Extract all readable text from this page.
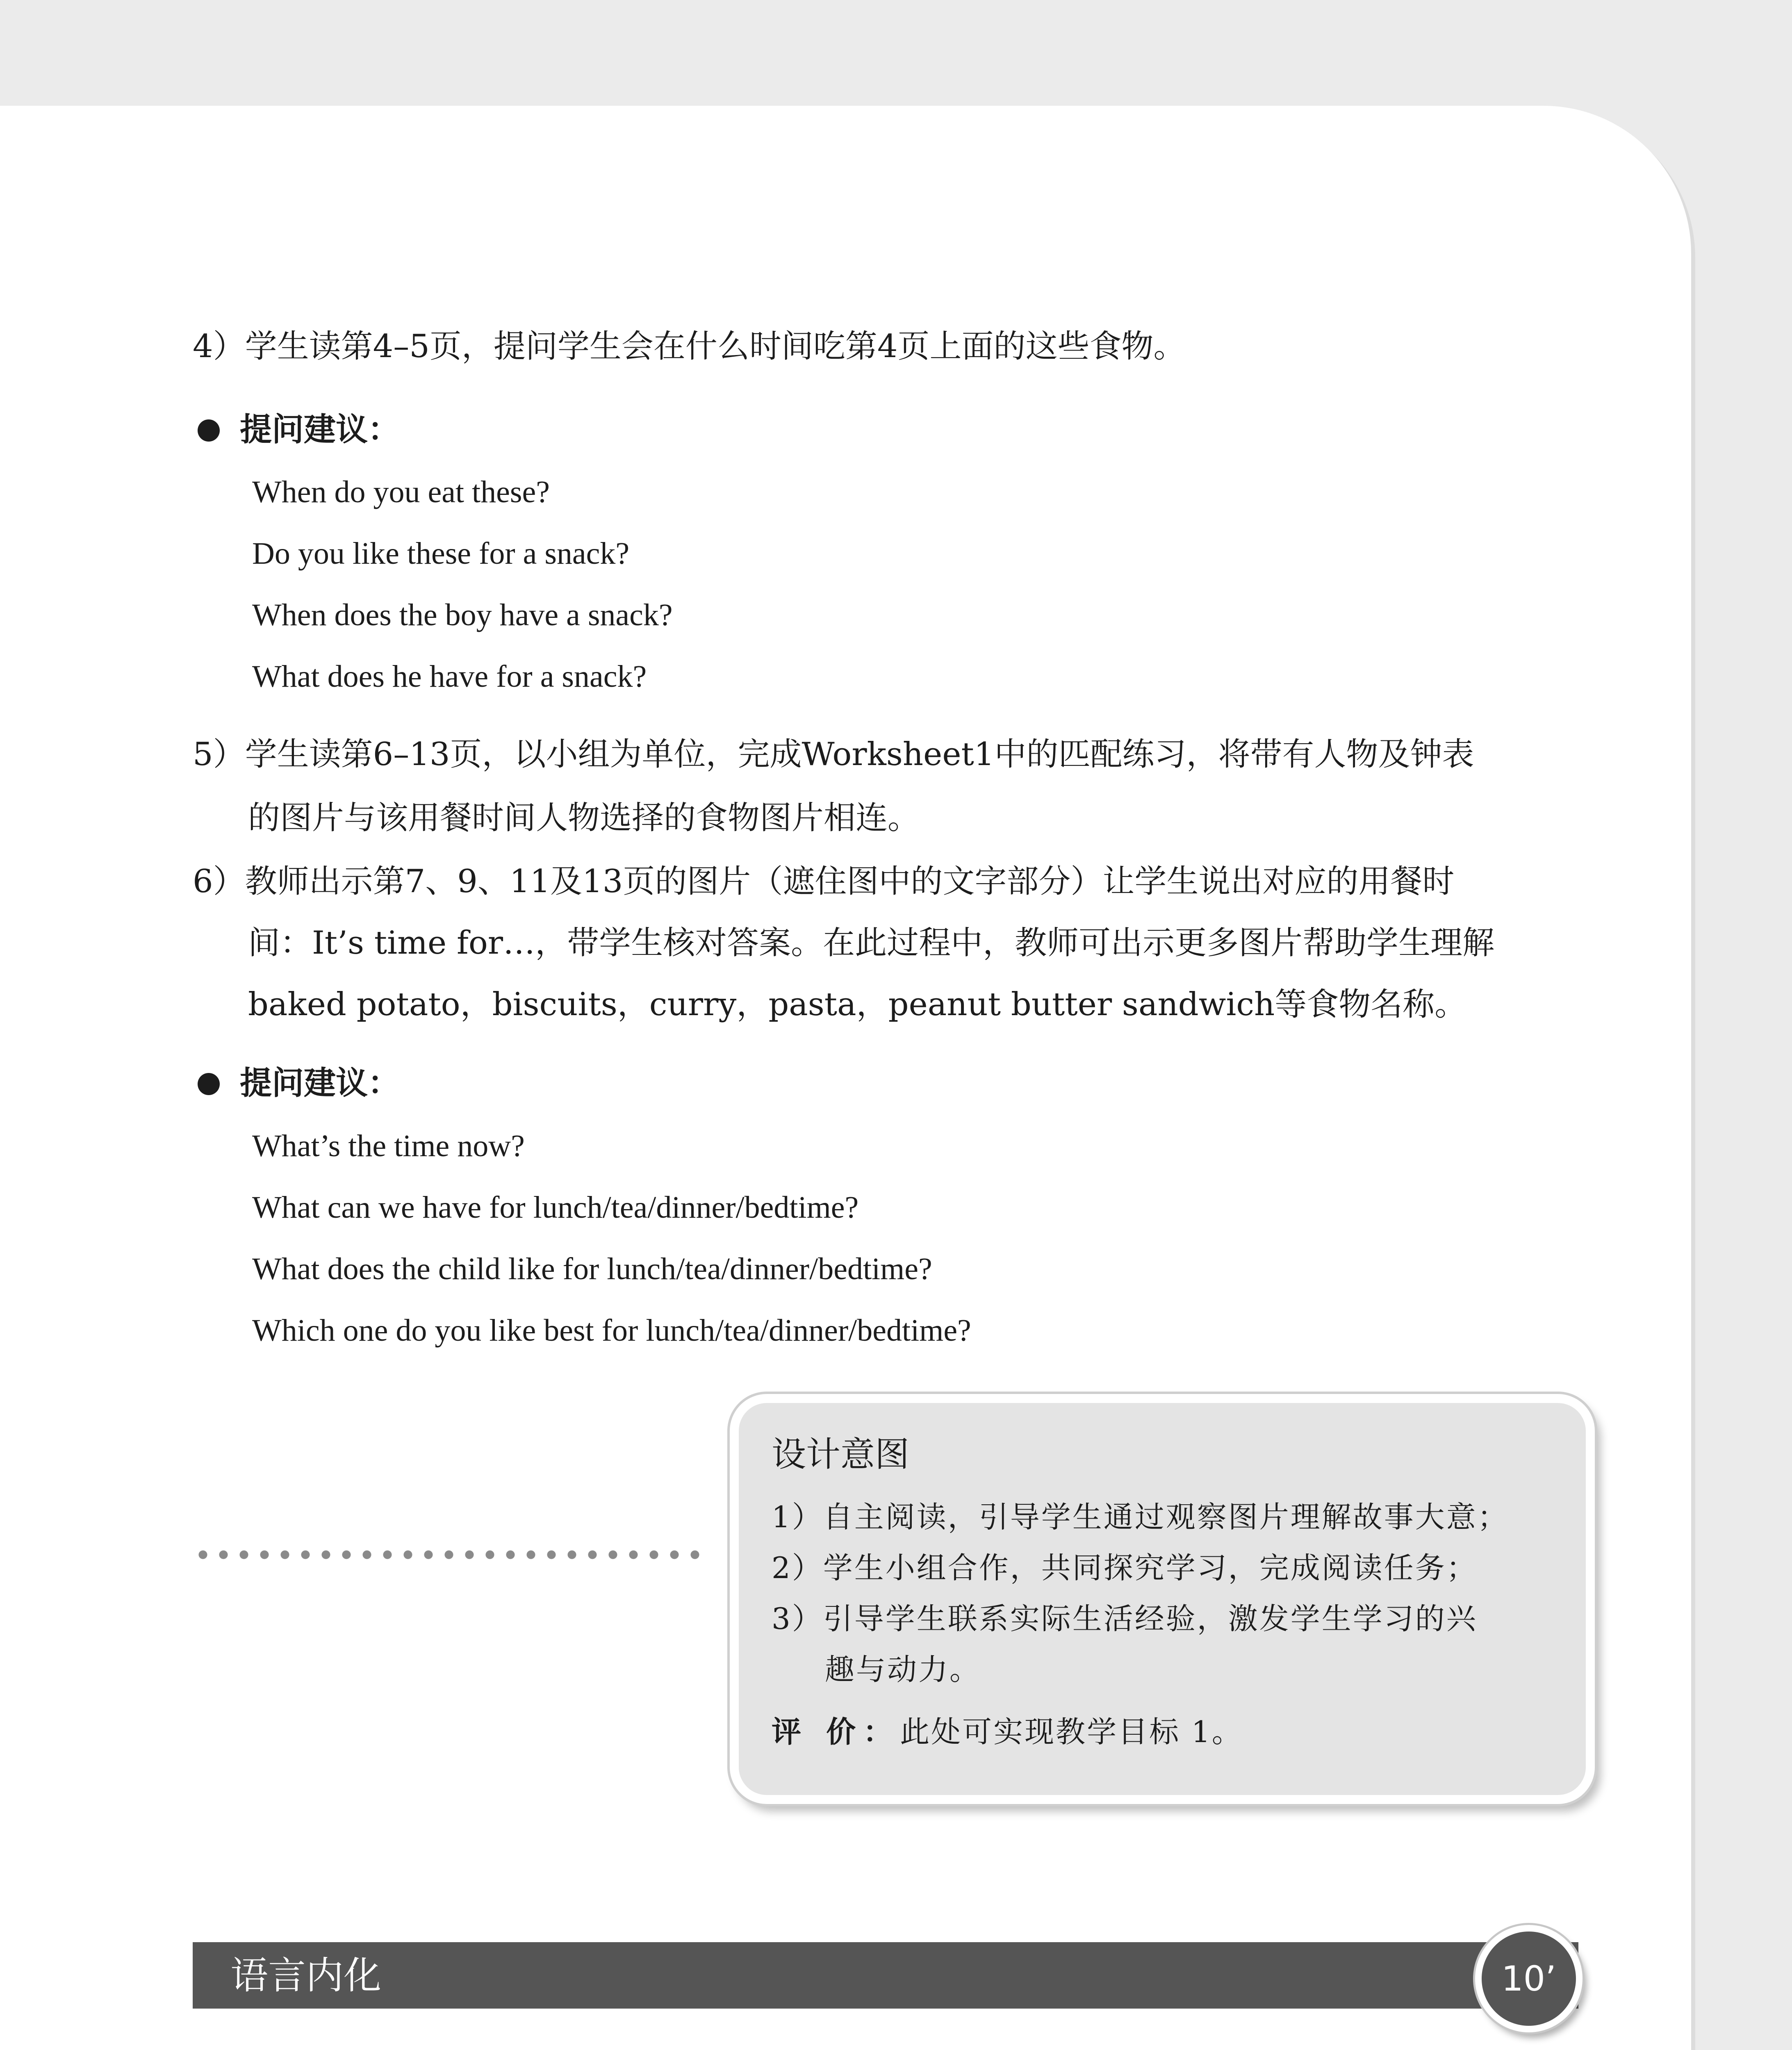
4）学生读第4–5页，提问学生会在什么时间吃第4页上面的这些食物。
提问建议：
When do you eat these?
Do you like these for a snack?
When does the boy have a snack?
What does he have for a snack?
5）学生读第6–13页，以小组为单位，完成Worksheet1中的匹配练习，将带有人物及钟表
的图片与该用餐时间人物选择的食物图片相连。
6）教师出示第7、9、11及13页的图片（遮住图中的文字部分）让学生说出对应的用餐时
间：It’s time for…，带学生核对答案。在此过程中，教师可出示更多图片帮助学生理解
baked potato，biscuits，curry，pasta，peanut butter sandwich等食物名称。
提问建议：
What’s the time now?
What can we have for lunch/tea/dinner/bedtime?
What does the child like for lunch/tea/dinner/bedtime?
Which one do you like best for lunch/tea/dinner/bedtime?
设计意图
1）自主阅读，引导学生通过观察图片理解故事大意；
2）学生小组合作，共同探究学习，完成阅读任务；
3）引导学生联系实际生活经验，激发学生学习的兴
趣与动力。
评 价：此处可实现教学目标 1。
语言内化	10’
